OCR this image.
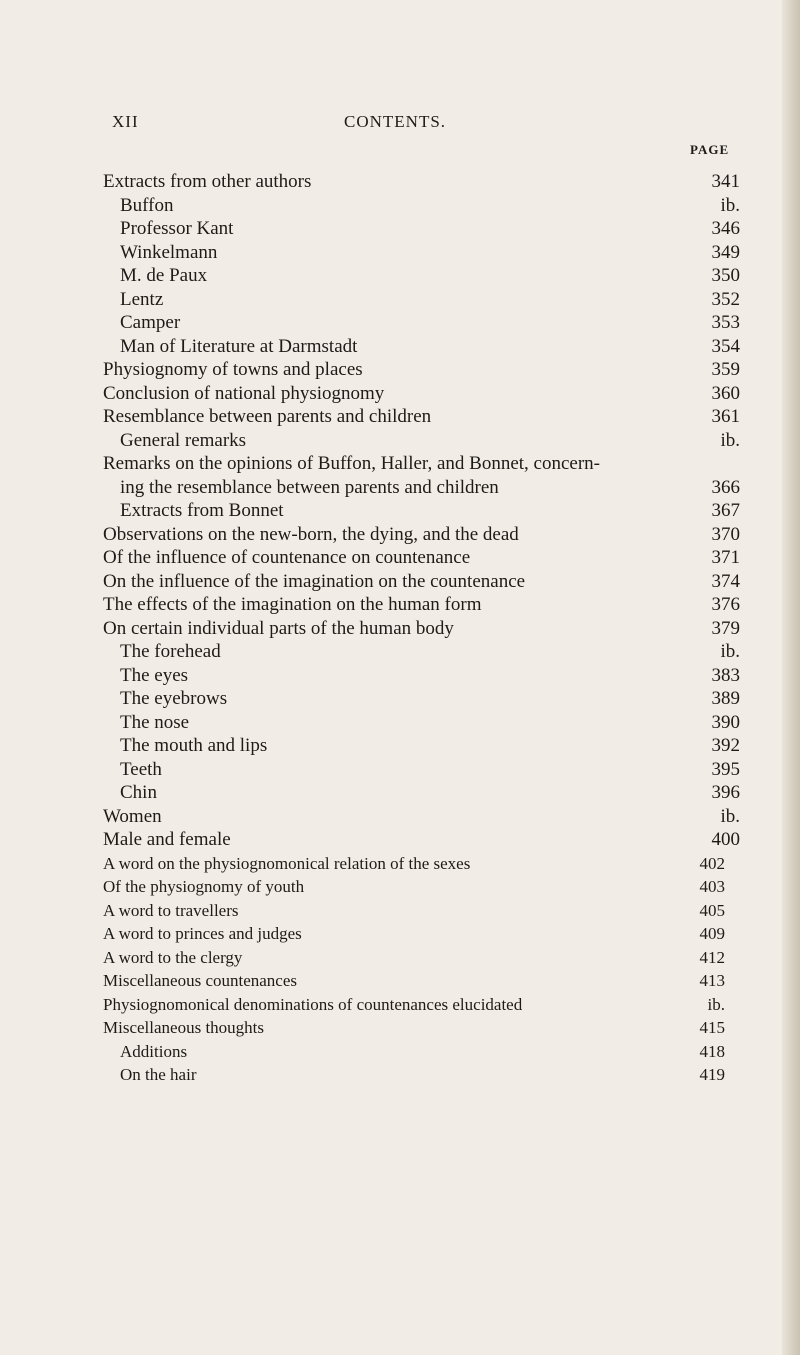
XII	CONTENTS.
PAGE
Extracts from other authors	341
Buffon	ib.
Professor Kant	346
Winkelmann	349
M. de Paux	350
Lentz	352
Camper	353
Man of Literature at Darmstadt	354
Physiognomy of towns and places	359
Conclusion of national physiognomy	360
Resemblance between parents and children	361
General remarks	ib.
Remarks on the opinions of Buffon, Haller, and Bonnet, concern-
ing the resemblance between parents and children	366
Extracts from Bonnet	367
Observations on the new-born, the dying, and the dead	370
Of the influence of countenance on countenance	371
On the influence of the imagination on the countenance	374
The effects of the imagination on the human form	376
On certain individual parts of the human body	379
The forehead	ib.
The eyes	383
The eyebrows	389
The nose	390
The mouth and lips	392
Teeth	395
Chin	396
Women	ib.
Male and female	400
A word on the physiognomonical relation of the sexes	402
Of the physiognomy of youth	403
A word to travellers	405
A word to princes and judges	409
A word to the clergy	412
Miscellaneous countenances	413
Physiognomonical denominations of countenances elucidated	ib.
Miscellaneous thoughts	415
Additions	418
On the hair	419
